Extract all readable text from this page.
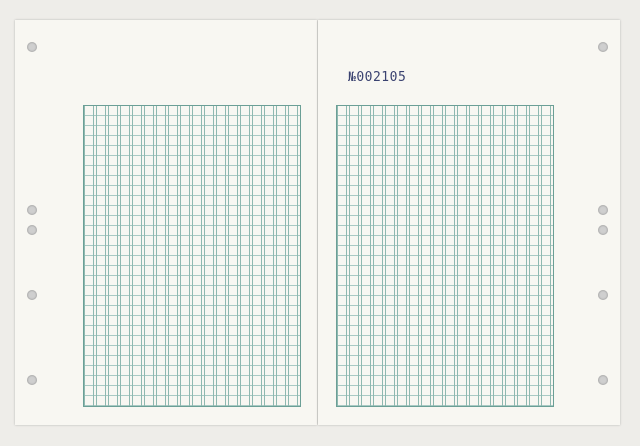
№002105
